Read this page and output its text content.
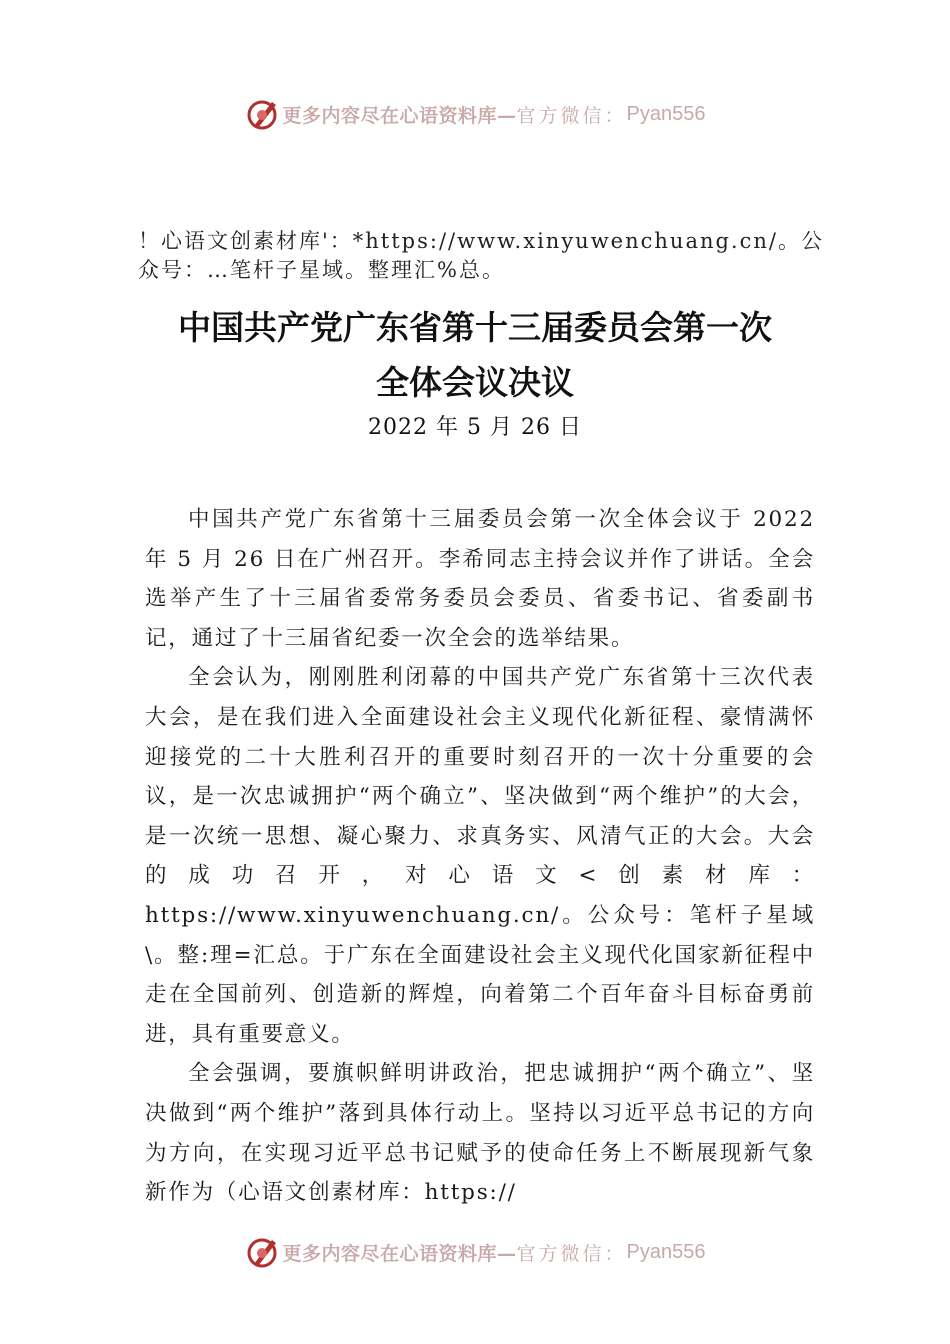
更多内容尽在心语资料库— 官方微信： Pyan556
！心语文创素材库'：*https://www.xinyuwenchuang.cn/。公众号：…笔杆子星域。整理汇%总。
中国共产党广东省第十三届委员会第一次
全体会议决议
2022 年 5 月 26 日

中国共产党广东省第十三届委员会第一次全体会议于 2022 年 5 月 26 日在广州召开。李希同志主持会议并作了讲话。全会选举产生了十三届省委常务委员会委员、省委书记、省委副书记，通过了十三届省纪委一次全会的选举结果。

全会认为，刚刚胜利闭幕的中国共产党广东省第十三次代表大会，是在我们进入全面建设社会主义现代化新征程、豪情满怀迎接党的二十大胜利召开的重要时刻召开的一次十分重要的会议，是一次忠诚拥护“两个确立”、坚决做到“两个维护”的大会，是一次统一思想、凝心聚力、求真务实、风清气正的大会。大会的成功召开，对心语文<创素材库：https://www.xinyuwenchuang.cn/。公众号：笔杆子星域\。整:理=汇总。于广东在全面建设社会主义现代化国家新征程中走在全国前列、创造新的辉煌，向着第二个百年奋斗目标奋勇前进，具有重要意义。

全会强调，要旗帜鲜明讲政治，把忠诚拥护“两个确立”、坚决做到“两个维护”落到具体行动上。坚持以习近平总书记的方向为方向，在实现习近平总书记赋予的使命任务上不断展现新气象新作为（心语文创素材库：https://

更多内容尽在心语资料库— 官方微信： Pyan556
